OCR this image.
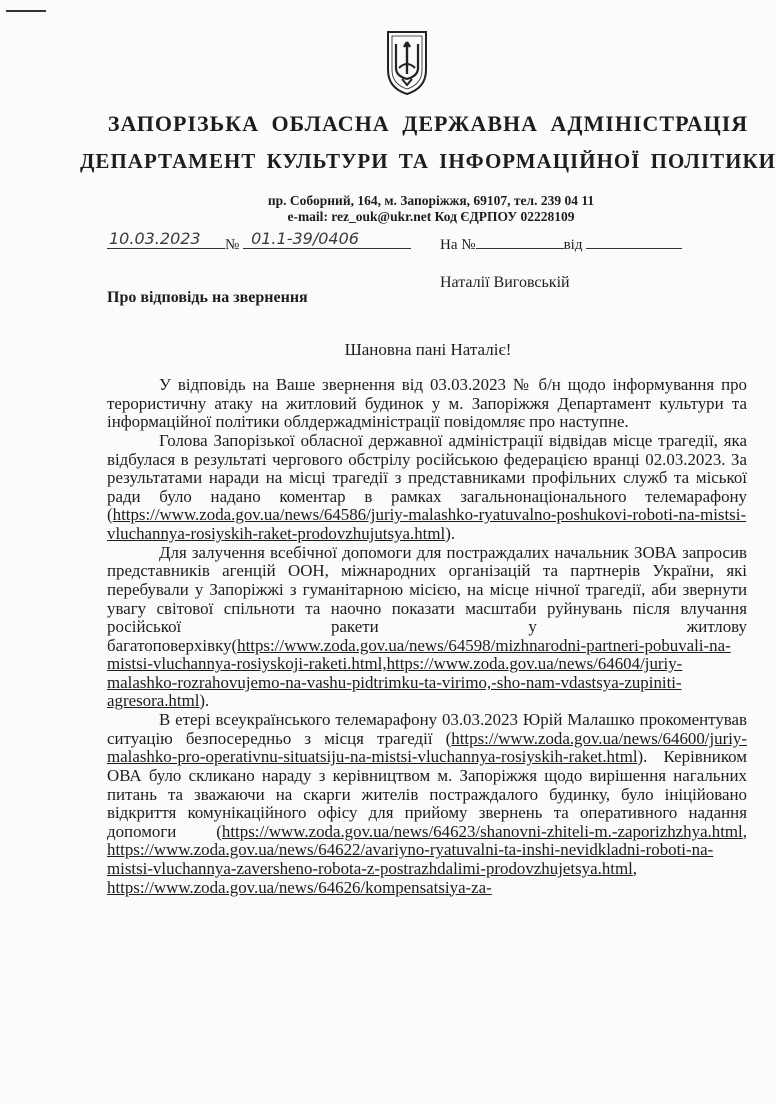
ЗАПОРІЗЬКА ОБЛАСНА ДЕРЖАВНА АДМІНІСТРАЦІЯ
ДЕПАРТАМЕНТ КУЛЬТУРИ ТА ІНФОРМАЦІЙНОЇ ПОЛІТИКИ
пр. Соборний, 164, м. Запоріжжя, 69107, тел. 239 04 11
e-mail: rez_ouk@ukr.net Код ЄДРПОУ 02228109
10.03.2023 № 01.1-39/0406	На №	від
Наталії Виговській
Про відповідь на звернення
Шановна пані Наталіє!

У відповідь на Ваше звернення від 03.03.2023 № б/н щодо інформування про терористичну атаку на житловий будинок у м. Запоріжжя Департамент культури та інформаційної політики облдержадміністрації повідомляє про наступне.

Голова Запорізької обласної державної адміністрації відвідав місце трагедії, яка відбулася в результаті чергового обстрілу російською федерацією вранці 02.03.2023. За результатами наради на місці трагедії з представниками профільних служб та міської ради було надано коментар в рамках загальнонаціонального телемарафону (https://www.zoda.gov.ua/news/64586/juriy-malashko-ryatuvalno-poshukovi-roboti-na-mistsi-vluchannya-rosiyskih-raket-prodovzhujutsya.html).

Для залучення всебічної допомоги для постраждалих начальник ЗОВА запросив представників агенцій ООН, міжнародних організацій та партнерів України, які перебували у Запоріжжі з гуманітарною місією, на місце нічної трагедії, аби звернути увагу світової спільноти та наочно показати масштаби руйнувань після влучання російської ракети у житлову багатоповерхівку(https://www.zoda.gov.ua/news/64598/mizhnarodni-partneri-pobuvali-na-mistsi-vluchannya-rosiyskoji-raketi.html,https://www.zoda.gov.ua/news/64604/juriy-malashko-rozrahovujemo-na-vashu-pidtrimku-ta-virimo,-sho-nam-vdastsya-zupiniti-agresora.html).

В етері всеукраїнського телемарафону 03.03.2023 Юрій Малашко прокоментував ситуацію безпосередньо з місця трагедії (https://www.zoda.gov.ua/news/64600/juriy-malashko-pro-operativnu-situatsiju-na-mistsi-vluchannya-rosiyskih-raket.html). Керівником ОВА було скликано нараду з керівництвом м. Запоріжжя щодо вирішення нагальних питань та зважаючи на скарги жителів постраждалого будинку, було ініційовано відкриття комунікаційного офісу для прийому звернень та оперативного надання допомоги (https://www.zoda.gov.ua/news/64623/shanovni-zhiteli-m.-zaporizhzhya.html, https://www.zoda.gov.ua/news/64622/avariyno-ryatuvalni-ta-inshi-nevidkladni-roboti-na-mistsi-vluchannya-zaversheno-robota-z-postrazhdalimi-prodovzhujetsya.html, https://www.zoda.gov.ua/news/64626/kompensatsiya-za-
